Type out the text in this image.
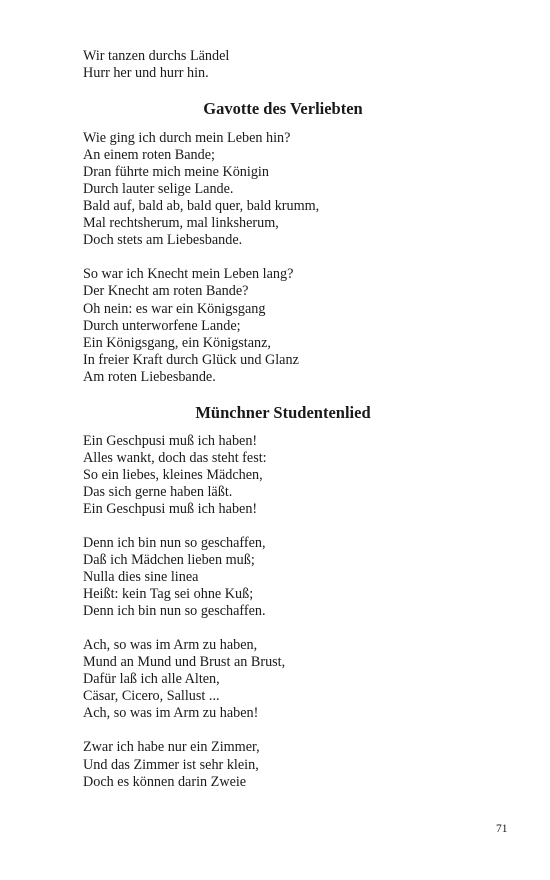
Wir tanzen durchs Ländel
Hurr her und hurr hin.
Gavotte des Verliebten
Wie ging ich durch mein Leben hin?
An einem roten Bande;
Dran führte mich meine Königin
Durch lauter selige Lande.
Bald auf, bald ab, bald quer, bald krumm,
Mal rechtsherum, mal linksherum,
Doch stets am Liebesbande.
So war ich Knecht mein Leben lang?
Der Knecht am roten Bande?
Oh nein: es war ein Königsgang
Durch unterworfene Lande;
Ein Königsgang, ein Königstanz,
In freier Kraft durch Glück und Glanz
Am roten Liebesbande.
Münchner Studentenlied
Ein Geschpusi muß ich haben!
Alles wankt, doch das steht fest:
So ein liebes, kleines Mädchen,
Das sich gerne haben läßt.
Ein Geschpusi muß ich haben!
Denn ich bin nun so geschaffen,
Daß ich Mädchen lieben muß;
Nulla dies sine linea
Heißt: kein Tag sei ohne Kuß;
Denn ich bin nun so geschaffen.
Ach, so was im Arm zu haben,
Mund an Mund und Brust an Brust,
Dafür laß ich alle Alten,
Cäsar, Cicero, Sallust ...
Ach, so was im Arm zu haben!
Zwar ich habe nur ein Zimmer,
Und das Zimmer ist sehr klein,
Doch es können darin Zweie
71
